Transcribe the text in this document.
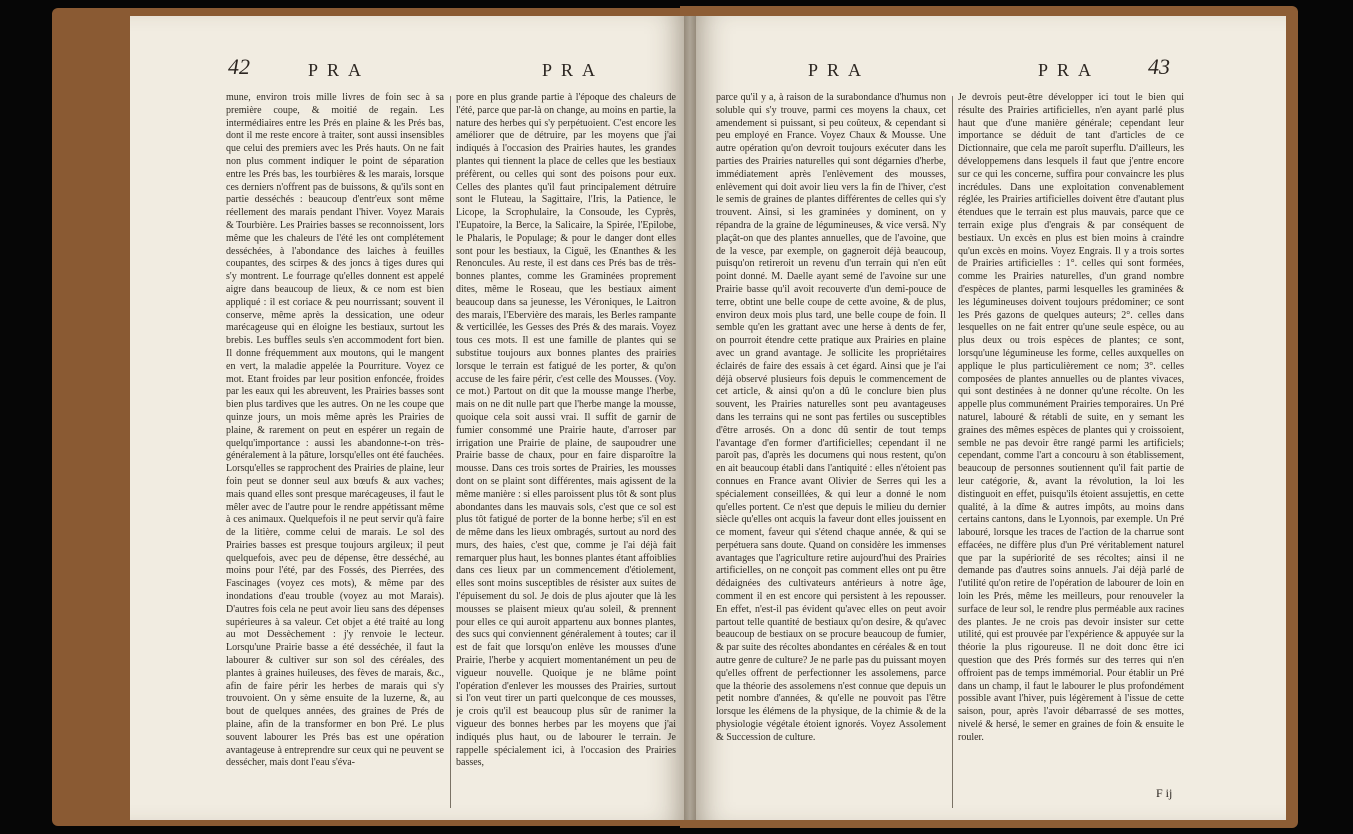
42	PRA	PRA

mune, environ trois mille livres de foin sec à sa première coupe, & moitié de regain. Les intermédiaires entre les Prés en plaine & les Prés bas, dont il me reste encore à traiter, sont aussi insensibles que celui des premiers avec les Prés hauts. On ne fait non plus comment indiquer le point de séparation entre les Prés bas, les tourbières & les marais, lorsque ces derniers n'offrent pas de buissons, & qu'ils sont en partie desséchés : beaucoup d'entr'eux sont même réellement des marais pendant l'hiver. Voyez Marais & Tourbière. Les Prairies basses se reconnoissent, lors même que les chaleurs de l'été les ont complétement desséchées, à l'abondance des laiches à feuilles coupantes, des scirpes & des joncs à tiges dures qui s'y montrent. Le fourrage qu'elles donnent est appelé aigre dans beaucoup de lieux, & ce nom est bien appliqué : il est coriace & peu nourrissant; souvent il conserve, même après la dessication, une odeur marécageuse qui en éloigne les bestiaux, surtout les brebis. Les buffles seuls s'en accommodent fort bien. Il donne fréquemment aux moutons, qui le mangent en vert, la maladie appelée la Pourriture. Voyez ce mot. Etant froides par leur position enfoncée, froides par les eaux qui les abreuvent, les Prairies basses sont bien plus tardives que les autres. On ne les coupe que quinze jours, un mois même après les Prairies de plaine, & rarement on peut en espérer un regain de quelqu'importance : aussi les abandonne-t-on très-généralement à la pâture, lorsqu'elles ont été fauchées. Lorsqu'elles se rapprochent des Prairies de plaine, leur foin peut se donner seul aux bœufs & aux vaches; mais quand elles sont presque marécageuses, il faut le mêler avec de l'autre pour le rendre appétissant même à ces animaux. Quelquefois il ne peut servir qu'à faire de la litière, comme celui de marais. Le sol des Prairies basses est presque toujours argileux; il peut quelquefois, avec peu de dépense, être desséché, au moins pour l'été, par des Fossés, des Pierrées, des Fascinages (voyez ces mots), & même par des inondations d'eau trouble (voyez au mot Marais). D'autres fois cela ne peut avoir lieu sans des dépenses supérieures à sa valeur. Cet objet a été traité au long au mot Dessèchement : j'y renvoie le lecteur. Lorsqu'une Prairie basse a été desséchée, il faut la labourer & cultiver sur son sol des céréales, des plantes à graines huileuses, des fèves de marais, &c., afin de faire périr les herbes de marais qui s'y trouvoient. On y sème ensuite de la luzerne, &, au bout de quelques années, des graines de Prés de plaine, afin de la transformer en bon Pré. Le plus souvent labourer les Prés bas est une opération avantageuse à entreprendre sur ceux qui ne peuvent se dessécher, mais dont l'eau s'éva-

pore en plus grande partie à l'époque des chaleurs de l'été, parce que par-là on change, au moins en partie, la nature des herbes qui s'y perpétuoient. C'est encore les améliorer que de détruire, par les moyens que j'ai indiqués à l'occasion des Prairies hautes, les grandes plantes qui tiennent la place de celles que les bestiaux préfèrent, ou celles qui sont des poisons pour eux. Celles des plantes qu'il faut principalement détruire sont le Fluteau, la Sagittaire, l'Iris, la Patience, le Licope, la Scrophulaire, la Consoude, les Cyprès, l'Eupatoire, la Berce, la Salicaire, la Spirée, l'Epilobe, le Phalaris, le Populage; & pour le danger dont elles sont pour les bestiaux, la Ciguë, les Œnanthes & les Renoncules. Au reste, il est dans ces Prés bas de très-bonnes plantes, comme les Graminées proprement dites, même le Roseau, que les bestiaux aiment beaucoup dans sa jeunesse, les Véroniques, le Laitron des marais, l'Ebervière des marais, les Berles rampante & verticillée, les Gesses des Prés & des marais. Voyez tous ces mots. Il est une famille de plantes qui se substitue toujours aux bonnes plantes des prairies lorsque le terrain est fatigué de les porter, & qu'on accuse de les faire périr, c'est celle des Mousses. (Voy. ce mot.) Partout on dit que la mousse mange l'herbe, mais on ne dit nulle part que l'herbe mange la mousse, quoique cela soit aussi vrai. Il suffit de garnir de fumier consommé une Prairie haute, d'arroser par irrigation une Prairie de plaine, de saupoudrer une Prairie basse de chaux, pour en faire disparoître la mousse. Dans ces trois sortes de Prairies, les mousses dont on se plaint sont différentes, mais agissent de la même manière : si elles paroissent plus tôt & sont plus abondantes dans les mauvais sols, c'est que ce sol est plus tôt fatigué de porter de la bonne herbe; s'il en est de même dans les lieux ombragés, surtout au nord des murs, des haies, c'est que, comme je l'ai déjà fait remarquer plus haut, les bonnes plantes étant affoiblies dans ces lieux par un commencement d'étiolement, elles sont moins susceptibles de résister aux suites de l'épuisement du sol. Je dois de plus ajouter que là les mousses se plaisent mieux qu'au soleil, & prennent pour elles ce qui auroit appartenu aux bonnes plantes, des sucs qui conviennent généralement à toutes; car il est de fait que lorsqu'on enlève les mousses d'une Prairie, l'herbe y acquiert momentanément un peu de vigueur nouvelle. Quoique je ne blâme point l'opération d'enlever les mousses des Prairies, surtout si l'on veut tirer un parti quelconque de ces mousses, je crois qu'il est beaucoup plus sûr de ranimer la vigueur des bonnes herbes par les moyens que j'ai indiqués plus haut, ou de labourer le terrain. Je rappelle spécialement ici, à l'occasion des Prairies basses,

PRA	PRA 43

parce qu'il y a, à raison de la surabondance d'humus non soluble qui s'y trouve, parmi ces moyens la chaux, cet amendement si puissant, si peu coûteux, & cependant si peu employé en France. Voyez Chaux & Mousse. Une autre opération qu'on devroit toujours exécuter dans les parties des Prairies naturelles qui sont dégarnies d'herbe, immédiatement après l'enlèvement des mousses, enlèvement qui doit avoir lieu vers la fin de l'hiver, c'est le semis de graines de plantes différentes de celles qui s'y trouvent. Ainsi, si les graminées y dominent, on y répandra de la graine de légumineuses, & vice versâ. N'y plaçât-on que des plantes annuelles, que de l'avoine, que de la vesce, par exemple, on gagneroit déjà beaucoup, puisqu'on retireroit un revenu d'un terrain qui n'en eût point donné. M. Daelle ayant semé de l'avoine sur une Prairie basse qu'il avoit recouverte d'un demi-pouce de terre, obtint une belle coupe de cette avoine, & de plus, environ deux mois plus tard, une belle coupe de foin. Il semble qu'en les grattant avec une herse à dents de fer, on pourroit étendre cette pratique aux Prairies en plaine avec un grand avantage. Je sollicite les propriétaires éclairés de faire des essais à cet égard. Ainsi que je l'ai déjà observé plusieurs fois depuis le commencement de cet article, & ainsi qu'on a dû le conclure bien plus souvent, les Prairies naturelles sont peu avantageuses dans les terrains qui ne sont pas fertiles ou susceptibles d'être arrosés. On a donc dû sentir de tout temps l'avantage d'en former d'artificielles; cependant il ne paroît pas, d'après les documens qui nous restent, qu'on en ait beaucoup établi dans l'antiquité : elles n'étoient pas connues en France avant Olivier de Serres qui les a spécialement conseillées, & qui leur a donné le nom qu'elles portent. Ce n'est que depuis le milieu du dernier siècle qu'elles ont acquis la faveur dont elles jouissent en ce moment, faveur qui s'étend chaque année, & qui se perpétuera sans doute. Quand on considère les immenses avantages que l'agriculture retire aujourd'hui des Prairies artificielles, on ne conçoit pas comment elles ont pu être dédaignées des cultivateurs antérieurs à notre âge, comment il en est encore qui persistent à les repousser. En effet, n'est-il pas évident qu'avec elles on peut avoir partout telle quantité de bestiaux qu'on desire, & qu'avec beaucoup de bestiaux on se procure beaucoup de fumier, & par suite des récoltes abondantes en céréales & en tout autre genre de culture? Je ne parle pas du puissant moyen qu'elles offrent de perfectionner les assolemens, parce que la théorie des assolemens n'est connue que depuis un petit nombre d'années, & qu'elle ne pouvoit pas l'être lorsque les élémens de la physique, de la chimie & de la physiologie végétale étoient ignorés. Voyez Assolement & Succession de culture.

Je devrois peut-être développer ici tout le bien qui résulte des Prairies artificielles, n'en ayant parlé plus haut que d'une manière générale; cependant leur importance se déduit de tant d'articles de ce Dictionnaire, que cela me paroît superflu. D'ailleurs, les développemens dans lesquels il faut que j'entre encore sur ce qui les concerne, suffira pour convaincre les plus incrédules. Dans une exploitation convenablement réglée, les Prairies artificielles doivent être d'autant plus étendues que le terrain est plus mauvais, parce que ce terrain exige plus d'engrais & par conséquent de bestiaux. Un excès en plus est bien moins à craindre qu'un excès en moins. Voyez Engrais. Il y a trois sortes de Prairies artificielles : 1°. celles qui sont formées, comme les Prairies naturelles, d'un grand nombre d'espèces de plantes, parmi lesquelles les graminées & les légumineuses doivent toujours prédominer; ce sont les Prés gazons de quelques auteurs; 2°. celles dans lesquelles on ne fait entrer qu'une seule espèce, ou au plus deux ou trois espèces de plantes; ce sont, lorsqu'une légumineuse les forme, celles auxquelles on applique le plus particulièrement ce nom; 3°. celles composées de plantes annuelles ou de plantes vivaces, qui sont destinées à ne donner qu'une récolte. On les appelle plus communément Prairies temporaires. Un Pré naturel, labouré & rétabli de suite, en y semant les graines des mêmes espèces de plantes qui y croissoient, semble ne pas devoir être rangé parmi les artificiels; cependant, comme l'art a concouru à son établissement, beaucoup de personnes soutiennent qu'il fait partie de leur catégorie, &, avant la révolution, la loi les distinguoit en effet, puisqu'ils étoient assujettis, en cette qualité, à la dîme & autres impôts, au moins dans certains cantons, dans le Lyonnois, par exemple. Un Pré labouré, lorsque les traces de l'action de la charrue sont effacées, ne diffère plus d'un Pré véritablement naturel que par la supériorité de ses récoltes; ainsi il ne demande pas d'autres soins annuels. J'ai déjà parlé de l'utilité qu'on retire de l'opération de labourer de loin en loin les Prés, même les meilleurs, pour renouveler la surface de leur sol, le rendre plus perméable aux racines des plantes. Je ne crois pas devoir insister sur cette utilité, qui est prouvée par l'expérience & appuyée sur la théorie la plus rigoureuse. Il ne doit donc être ici question que des Prés formés sur des terres qui n'en offroient pas de temps immémorial. Pour établir un Pré dans un champ, il faut le labourer le plus profondément possible avant l'hiver, puis légèrement à l'issue de cette saison, pour, après l'avoir débarrassé de ses mottes, nivelé & hersé, le semer en graines de foin & ensuite le rouler.

F ij
